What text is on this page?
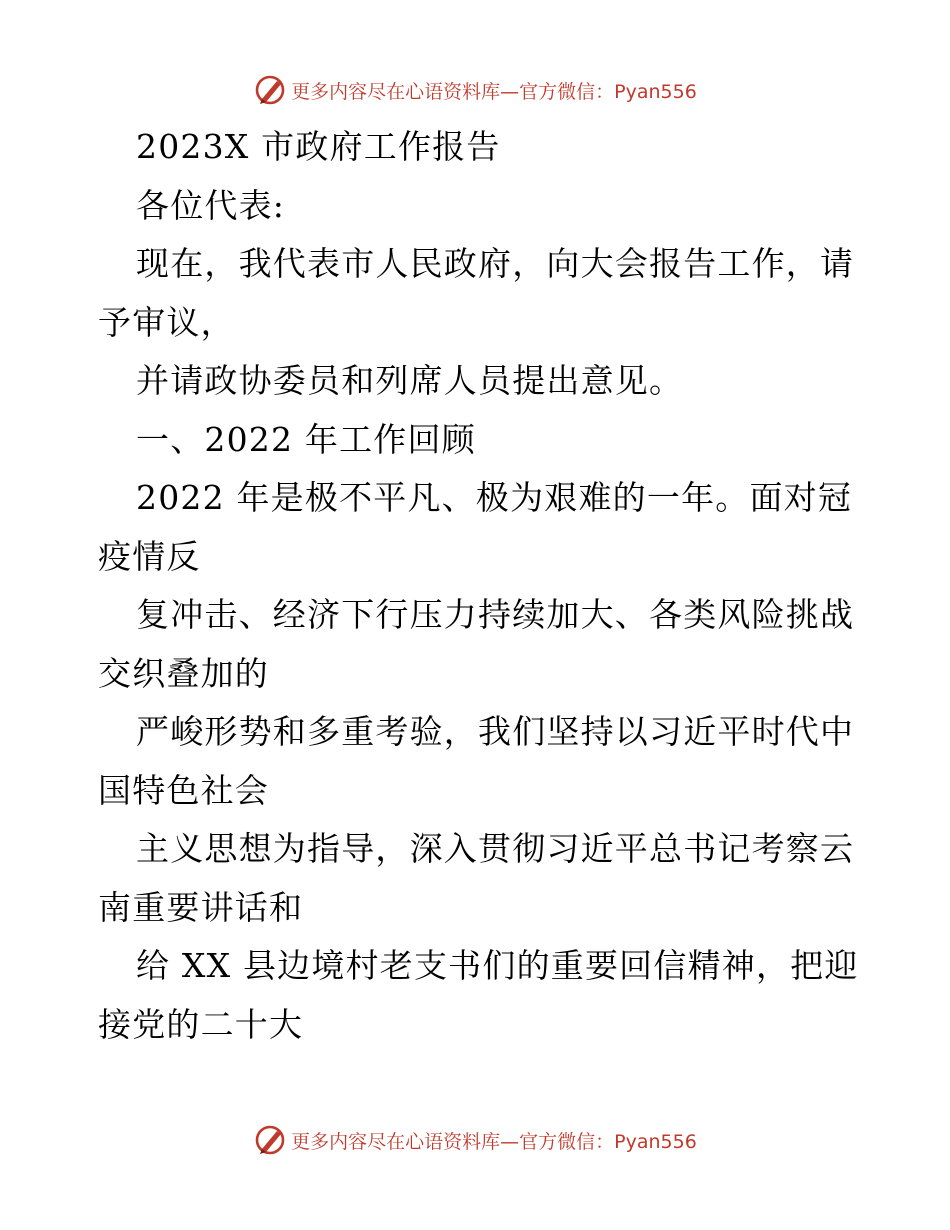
更多内容尽在心语资料库—官方微信：Pyan556
2023X 市政府工作报告
各位代表:
现在，我代表市人民政府，向大会报告工作，请
予审议，
并请政协委员和列席人员提出意见。
一、2022 年工作回顾
2022 年是极不平凡、极为艰难的一年。面对冠
疫情反
复冲击、经济下行压力持续加大、各类风险挑战
交织叠加的
严峻形势和多重考验，我们坚持以习近平时代中
国特色社会
主义思想为指导，深入贯彻习近平总书记考察云
南重要讲话和
给 XX 县边境村老支书们的重要回信精神，把迎
接党的二十大
更多内容尽在心语资料库—官方微信：Pyan556
